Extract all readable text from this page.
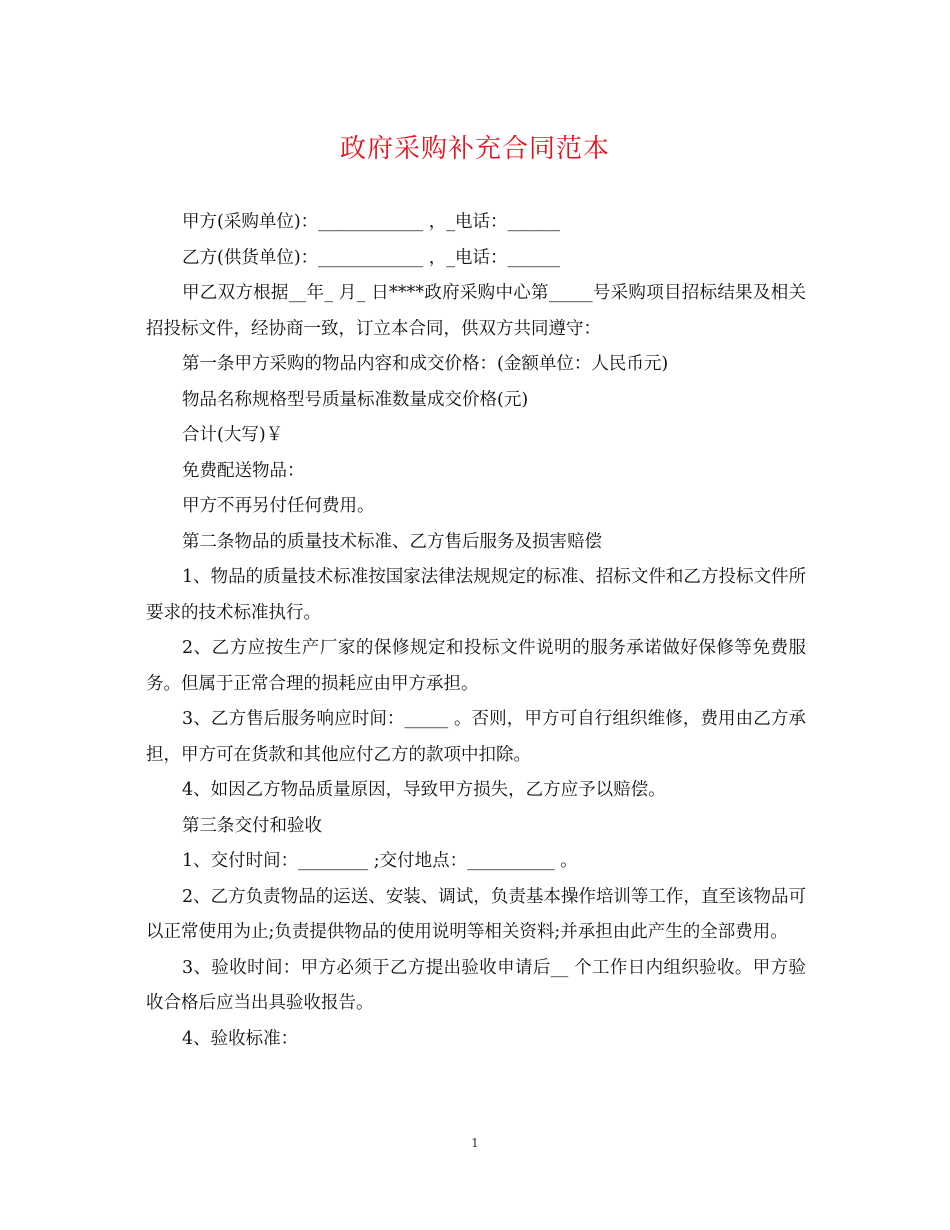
政府采购补充合同范本

甲方(采购单位)：____________ ，_电话：______

乙方(供货单位)：____________ ，_电话：______

甲乙双方根据__年_ 月_ 日****政府采购中心第_____号采购项目招标结果及相关招投标文件，经协商一致，订立本合同，供双方共同遵守：

第一条甲方采购的物品内容和成交价格：(金额单位：人民币元)

物品名称规格型号质量标准数量成交价格(元)

合计(大写)￥

免费配送物品：

甲方不再另付任何费用。

第二条物品的质量技术标准、乙方售后服务及损害赔偿

1、物品的质量技术标准按国家法律法规规定的标准、招标文件和乙方投标文件所要求的技术标准执行。

2、乙方应按生产厂家的保修规定和投标文件说明的服务承诺做好保修等免费服务。但属于正常合理的损耗应由甲方承担。

3、乙方售后服务响应时间：_____ 。否则，甲方可自行组织维修，费用由乙方承担，甲方可在货款和其他应付乙方的款项中扣除。

4、如因乙方物品质量原因，导致甲方损失，乙方应予以赔偿。

第三条交付和验收

1、交付时间：________ ;交付地点：__________ 。

2、乙方负责物品的运送、安装、调试，负责基本操作培训等工作，直至该物品可以正常使用为止;负责提供物品的使用说明等相关资料;并承担由此产生的全部费用。

3、验收时间：甲方必须于乙方提出验收申请后__ 个工作日内组织验收。甲方验收合格后应当出具验收报告。

4、验收标准：

1
